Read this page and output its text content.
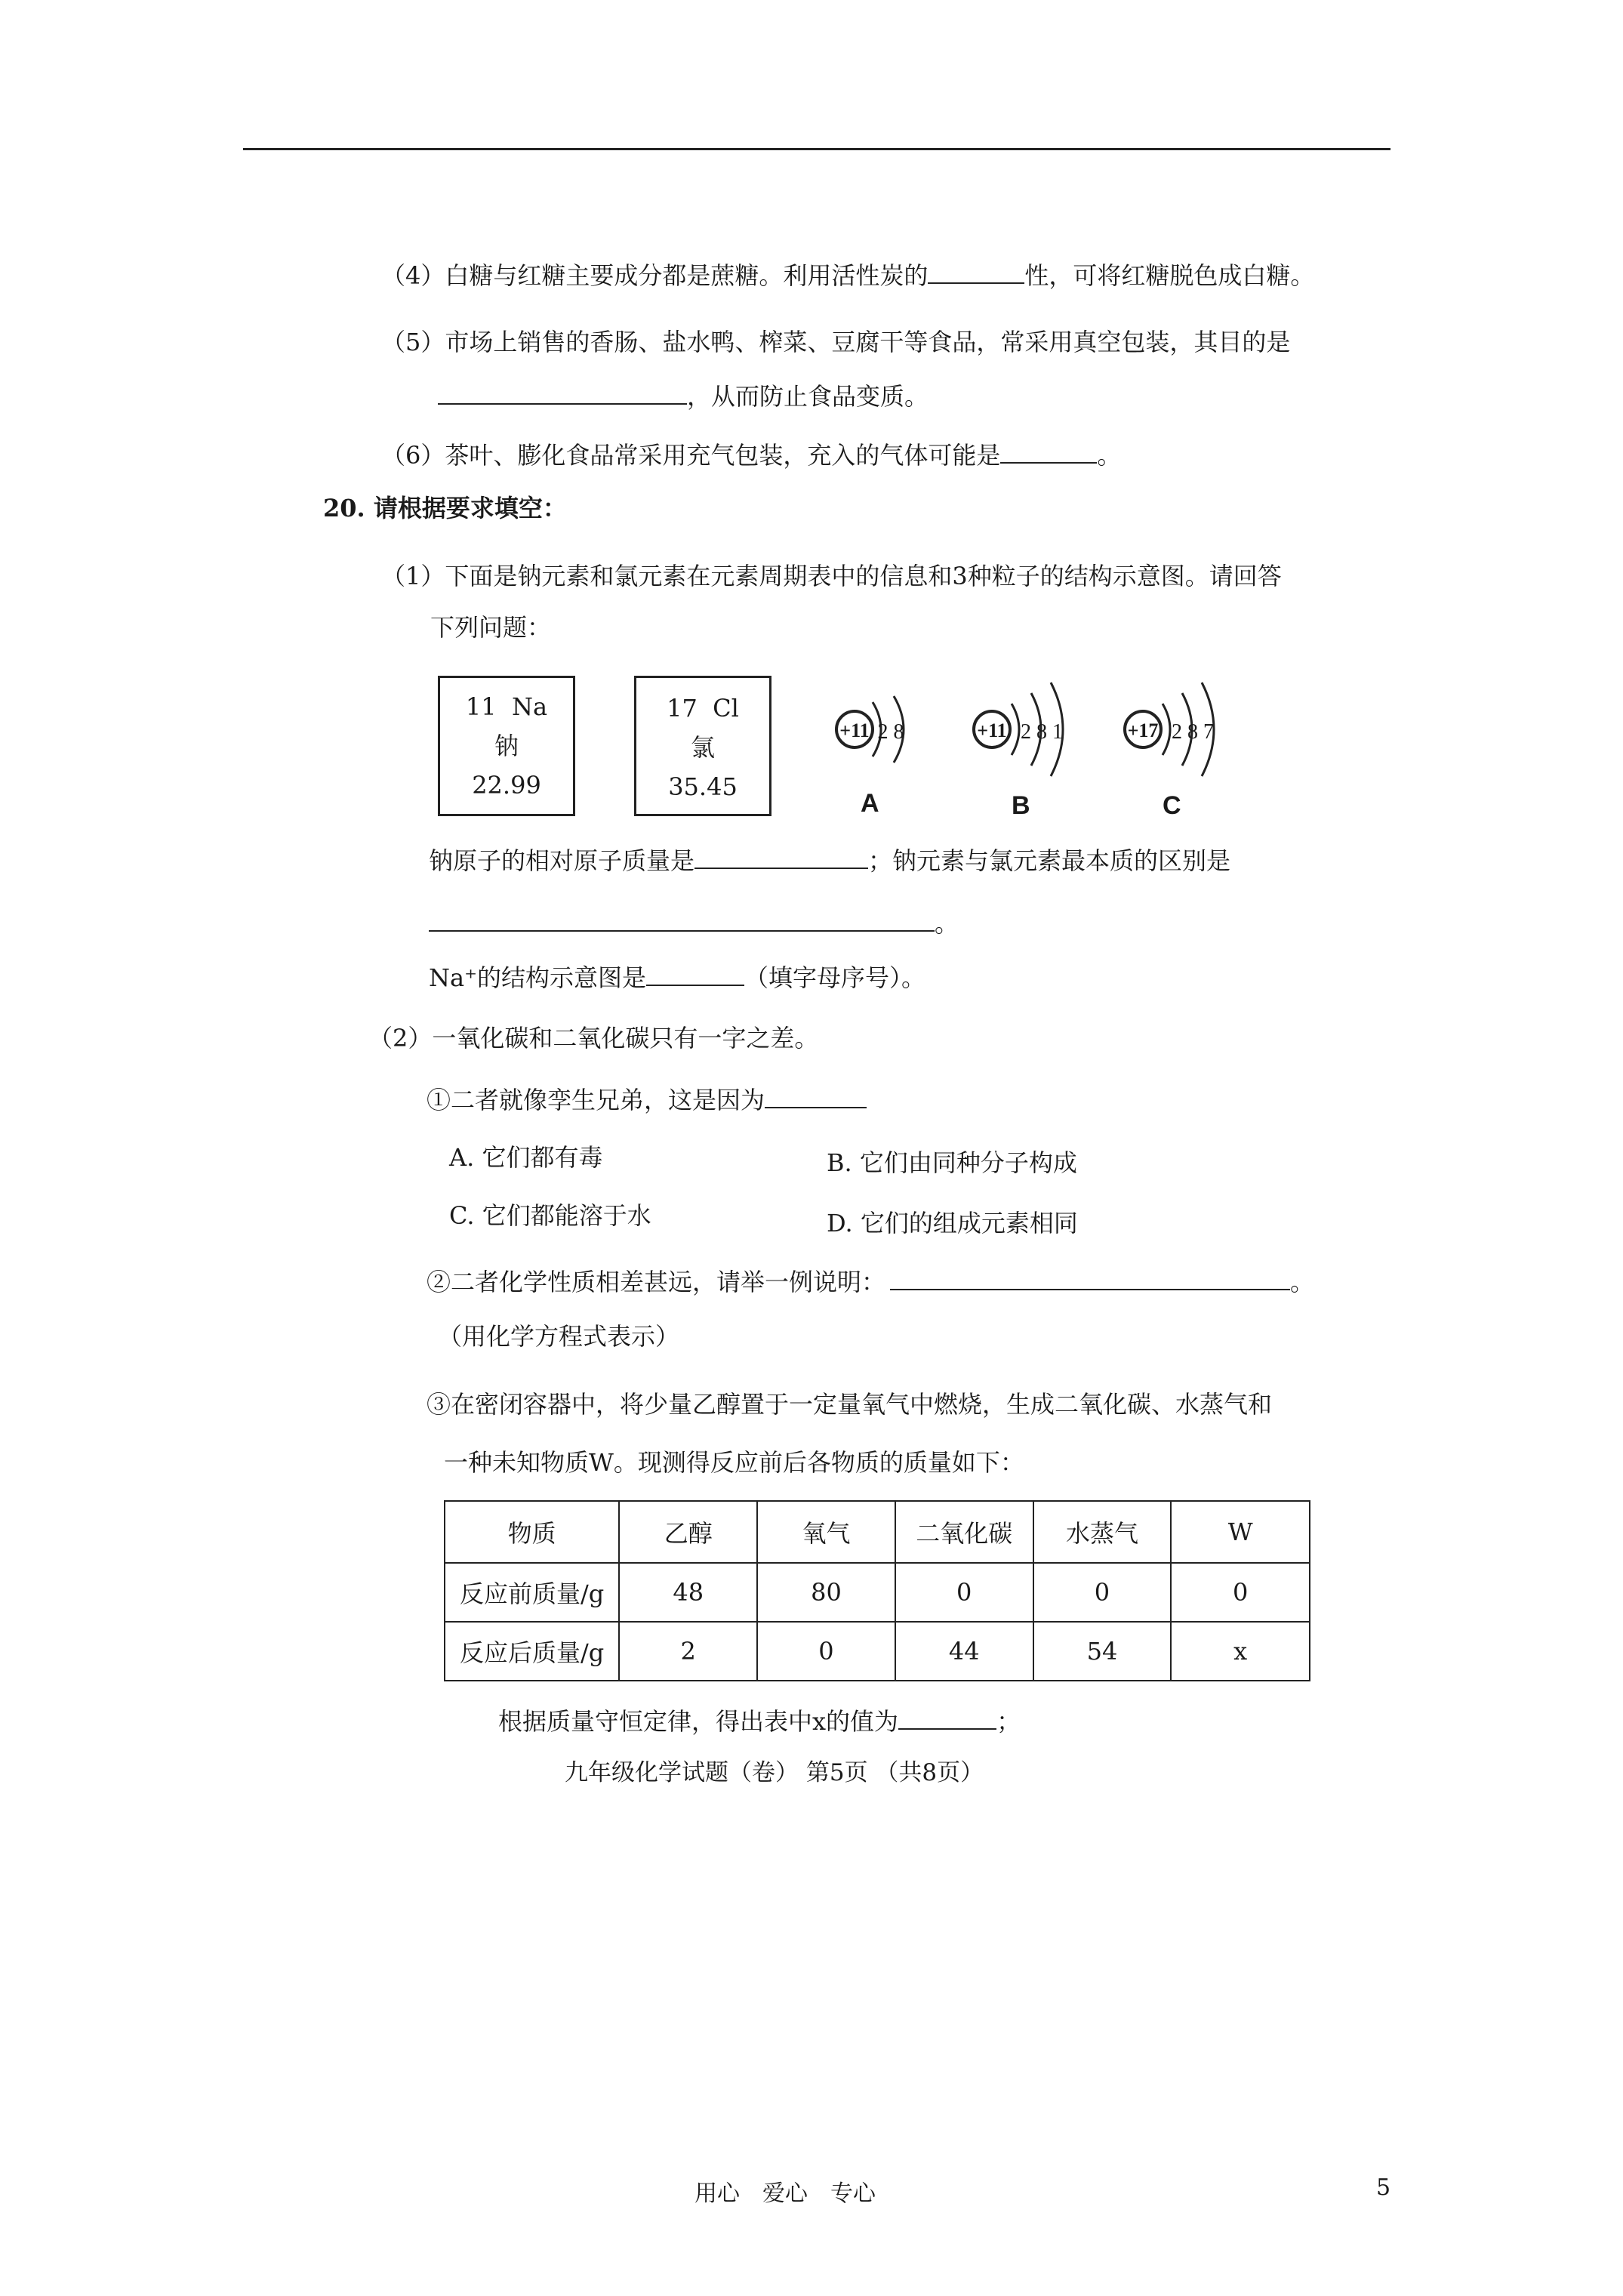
（4）白糖与红糖主要成分都是蔗糖。利用活性炭的	性，可将红糖脱色成白糖。
（5）市场上销售的香肠、盐水鸭、榨菜、豆腐干等食品，常采用真空包装，其目的是
，从而防止食品变质。
（6）茶叶、膨化食品常采用充气包装，充入的气体可能是	。
20. 请根据要求填空：
（1）下面是钠元素和氯元素在元素周期表中的信息和3种粒子的结构示意图。请回答
下列问题：
11 Na
钠
22.99
17 Cl
氯
35.45
+11 2 8
A
+11 2 8 1
B
+17 2 8 7
C
钠原子的相对原子质量是	；钠元素与氯元素最本质的区别是
。
Na⁺的结构示意图是	（填字母序号）。
（2）一氧化碳和二氧化碳只有一字之差。
①二者就像孪生兄弟，这是因为
A. 它们都有毒	B. 它们由同种分子构成
C. 它们都能溶于水	D. 它们的组成元素相同
②二者化学性质相差甚远，请举一例说明：	。
（用化学方程式表示）
③在密闭容器中，将少量乙醇置于一定量氧气中燃烧，生成二氧化碳、水蒸气和
一种未知物质W。现测得反应前后各物质的质量如下：
物质	乙醇	氧气	二氧化碳	水蒸气	W
反应前质量/g	48	80	0	0	0
反应后质量/g	2	0	44	54	x
根据质量守恒定律，得出表中x的值为	；
九年级化学试题（卷） 第5页 （共8页）
用心　爱心　专心	5
